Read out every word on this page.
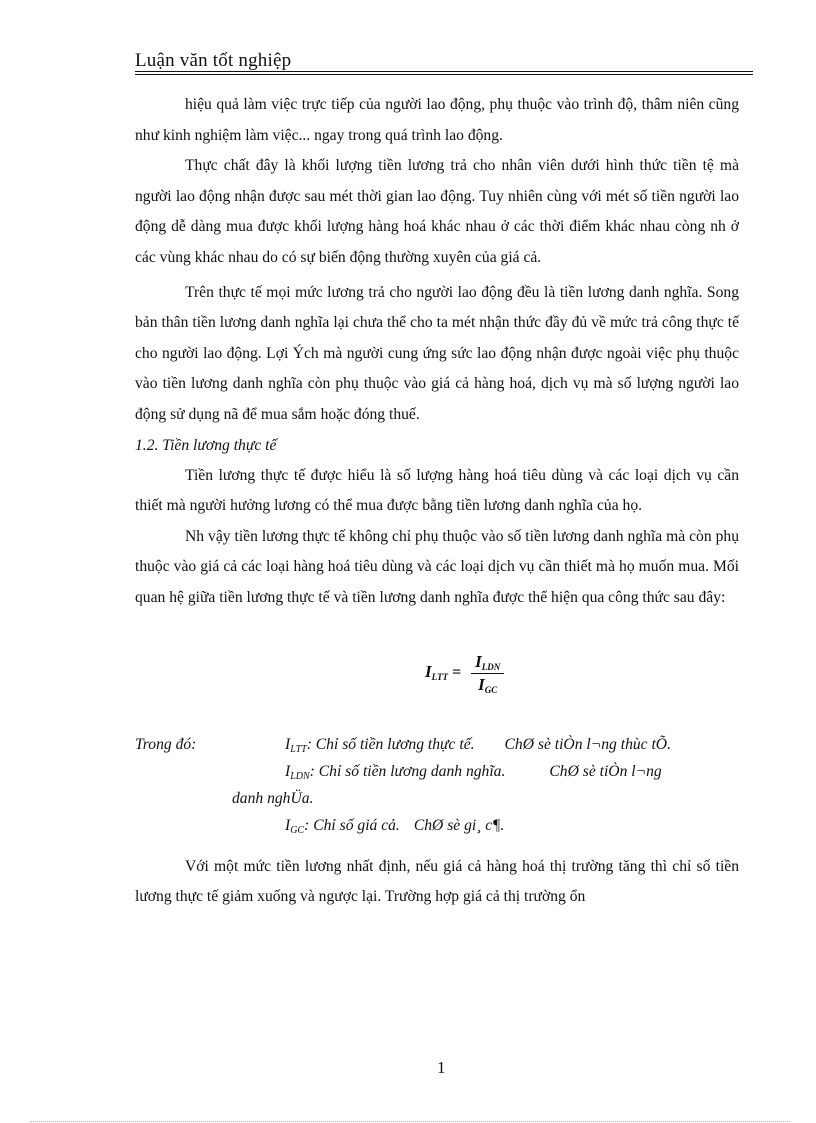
Luận văn tốt nghiệp

hiệu quả làm việc trực tiếp của người lao động, phụ thuộc vào trình độ, thâm niên cũng như kinh nghiệm làm việc... ngay trong quá trình lao động.

Thực chất đây là khối lượng tiền lương trả cho nhân viên dưới hình thức tiền tệ mà người lao động nhận được sau mét thời gian lao động. Tuy nhiên cùng với mét số tiền người lao động dễ dàng mua được khối lượng hàng hoá khác nhau ở các thời điểm khác nhau còng nh ở các vùng khác nhau do có sự biến động thường xuyên của giá cả.

Trên thực tế mọi mức lương trả cho người lao động đều là tiền lương danh nghĩa. Song bản thân tiền lương danh nghĩa lại chưa thể cho ta mét nhận thức đầy đủ về mức trả công thực tế cho người lao động. Lợi Ých mà người cung ứng sức lao động nhận được ngoài việc phụ thuộc vào tiền lương danh nghĩa còn phụ thuộc vào giá cả hàng hoá, dịch vụ mà số lượng người lao động sử dụng nã để mua sắm hoặc đóng thuế.

1.2. Tiền lương thực tế

Tiền lương thực tế được hiểu là số lượng hàng hoá tiêu dùng và các loại dịch vụ cần thiết mà người hưởng lương có thể mua được bằng tiền lương danh nghĩa của họ.

Nh vậy tiền lương thực tế không chỉ phụ thuộc vào số tiền lương danh nghĩa mà còn phụ thuộc vào giá cả các loại hàng hoá tiêu dùng và các loại dịch vụ cần thiết mà họ muốn mua. Mối quan hệ giữa tiền lương thực tế và tiền lương danh nghĩa được thể hiện qua công thức sau đây:

ILTT = $\frac{\text{ILDN}}{\text{IGC}}$
Trong đó:	$I_{LTT}$: Chỉ số tiền lương thực tế. ChØ sè tiÒn l¬ng thùc tÕ.
$I_{LDN}$: Chỉ số tiền lương danh nghĩa.	ChØ sè tiÒn l¬ng
danh nghÜa.
$I_{GC}$: Chỉ số giá cả. ChØ sè gi¸ c¶.

Với một mức tiền lương nhất định, nếu giá cả hàng hoá thị trường tăng thì chỉ số tiền lương thực tế giảm xuống và ngược lại. Trường hợp giá cả thị trường ổn

1
